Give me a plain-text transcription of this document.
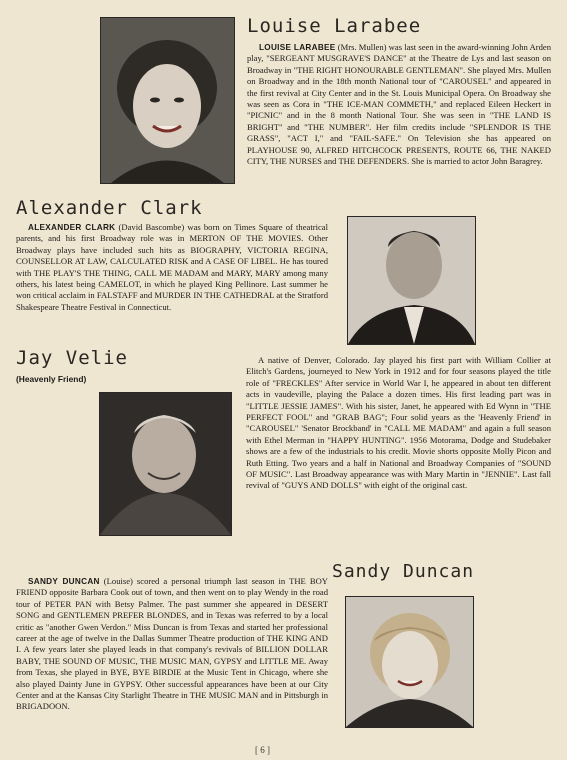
Louise Larabee

LOUISE LARABEE (Mrs. Mullen) was last seen in the award-winning John Arden play, "SERGEANT MUSGRAVE'S DANCE" at the Theatre de Lys and last season on Broadway in "THE RIGHT HONOURABLE GENTLEMAN". She played Mrs. Mullen on Broadway and in the 18th month National tour of "CAROUSEL" and appeared in the first revival at City Center and in the St. Louis Municipal Opera. On Broadway she was seen as Cora in "THE ICE-MAN COMMETH," and replaced Eileen Heckert in "PICNIC" and in the 8 month National Tour. She was seen in "THE LAND IS BRIGHT" and "THE NUMBER". Her film credits include "SPLENDOR IS THE GRASS", "ACT I," and "FAIL-SAFE." On Television she has appeared on PLAYHOUSE 90, ALFRED HITCHCOCK PRESENTS, ROUTE 66, THE NAKED CITY, THE NURSES and THE DEFENDERS. She is married to actor John Baragrey.

Alexander Clark

ALEXANDER CLARK (David Bascombe) was born on Times Square of theatrical parents, and his first Broadway role was in MERTON OF THE MOVIES. Other Broadway plays have included such hits as BIOGRAPHY, VICTORIA REGINA, COUNSELLOR AT LAW, CALCULATED RISK and A CASE OF LIBEL. He has toured with THE PLAY'S THE THING, CALL ME MADAM and MARY, MARY among many others, his latest being CAMELOT, in which he played King Pellinore. Last summer he won critical acclaim in FALSTAFF and MURDER IN THE CATHEDRAL at the Stratford Shakespeare Theatre Festival in Connecticut.

Jay Velie
(Heavenly Friend)

A native of Denver, Colorado. Jay played his first part with William Collier at Elitch's Gardens, journeyed to New York in 1912 and for four seasons played the title role of "FRECKLES" After service in World War I, he appeared in about ten different acts in vaudeville, playing the Palace a dozen times. His first leading part was in "LITTLE JESSIE JAMES". With his sister, Janet, he appeared with Ed Wynn in "THE PERFECT FOOL" and "GRAB BAG"; Four solid years as the 'Heavenly Friend' in "CAROUSEL" 'Senator Brockband' in "CALL ME MADAM" and again a full season with Ethel Merman in "HAPPY HUNTING". 1956 Motorama, Dodge and Studebaker shows are a few of the industrials to his credit. Movie shorts opposite Molly Picon and Ruth Etting. Two years and a half in National and Broadway Companies of "SOUND OF MUSIC". Last Broadway appearance was with Mary Martin in "JENNIE". Last fall revival of "GUYS AND DOLLS" with eight of the original cast.

SANDY DUNCAN (Louise) scored a personal triumph last season in THE BOY FRIEND opposite Barbara Cook out of town, and then went on to play Wendy in the road tour of PETER PAN with Betsy Palmer. The past summer she appeared in DESERT SONG and GENTLEMEN PREFER BLONDES, and in Texas was referred to by a local critic as "another Gwen Verdon." Miss Duncan is from Texas and started her professional career at the age of twelve in the Dallas Summer Theatre production of THE KING AND I. A few years later she played leads in that company's revivals of BILLION DOLLAR BABY, THE SOUND OF MUSIC, THE MUSIC MAN, GYPSY and LITTLE ME. Away from Texas, she played in BYE, BYE BIRDIE at the Music Tent in Chicago, where she also played Dainty June in GYPSY. Other successful appearances have been at our City Center and at the Kansas City Starlight Theatre in THE MUSIC MAN and in Pittsburgh in BRIGADOON.

Sandy Duncan
[ 6 ]
